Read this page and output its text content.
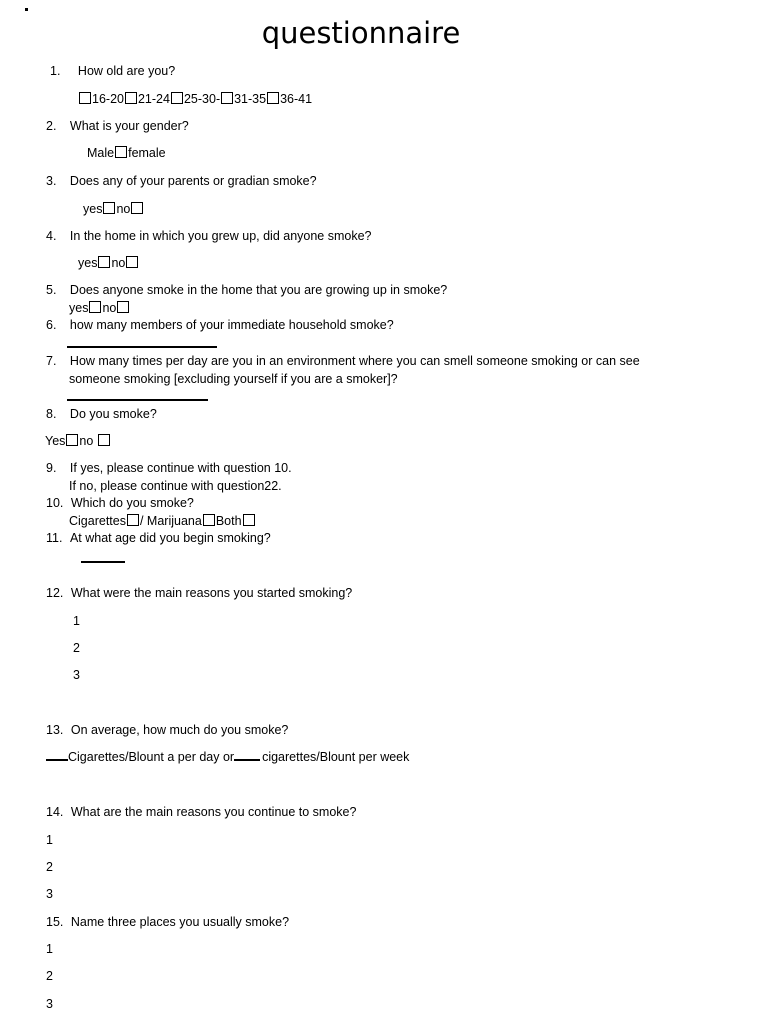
questionnaire
1. How old are you?
16-20 21-24 25-30- 31-35 36-41
2. What is your gender?
Male female
3. Does any of your parents or gradian smoke?
yes no
4. In the home in which you grew up, did anyone smoke?
yes no
5. Does anyone smoke in the home that you are growing up in smoke?
yes no
6. how many members of your immediate household smoke?
7. How many times per day are you in an environment where you can smell someone smoking or can see
someone smoking [excluding yourself if you are a smoker]?
8. Do you smoke?
Yes no
9. If yes, please continue with question 10.
If no, please continue with question22.
10. Which do you smoke?
Cigarettes / Marijuana Both
11. At what age did you begin smoking?
12. What were the main reasons you started smoking?
1
2
3
13. On average, how much do you smoke?
Cigarettes/Blount a per day or cigarettes/Blount per week
14. What are the main reasons you continue to smoke?
1
2
3
15. Name three places you usually smoke?
1
2
3
